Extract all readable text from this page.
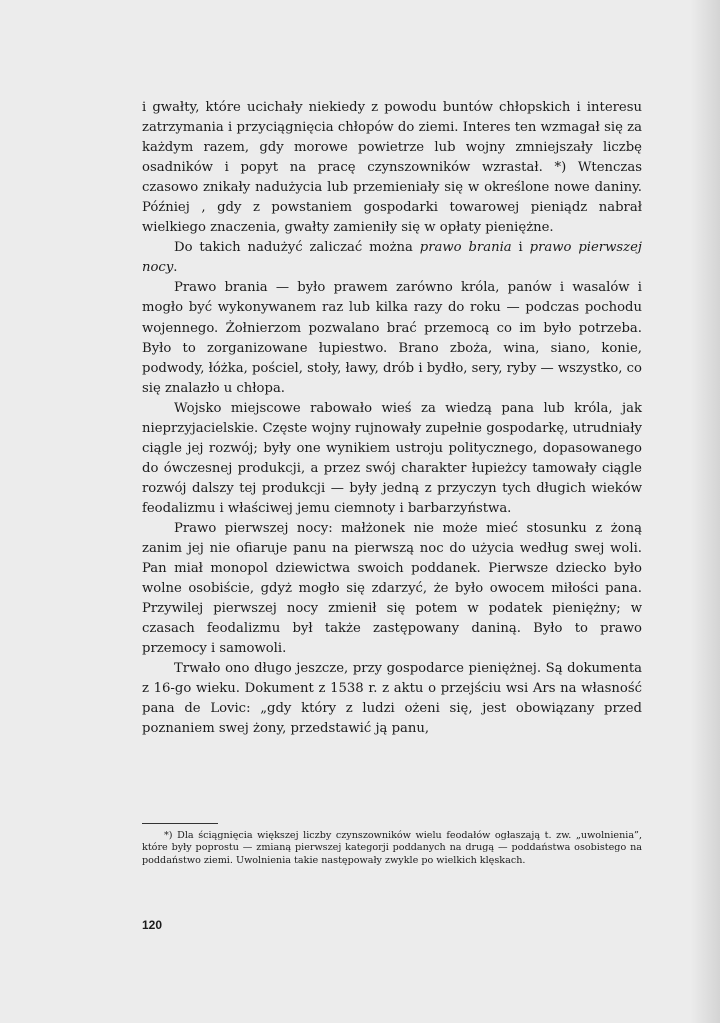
i gwałty, które ucichały niekiedy z powodu buntów chłopskich i interesu zatrzymania i przyciągnięcia chłopów do ziemi. Interes ten wzmagał się za każdym razem, gdy morowe powietrze lub wojny zmniejszały liczbę osadników i popyt na pracę czynszowników wzrastał. *) Wtenczas czasowo znikały nadużycia lub przemieniały się w określone nowe daniny. Później , gdy z powstaniem gospodarki towarowej pieniądz nabrał wielkiego znaczenia, gwałty zamieniły się w opłaty pieniężne.

Do takich nadużyć zaliczać można prawo brania i prawo pierwszej nocy.

Prawo brania — było prawem zarówno króla, panów i wasalów i mogło być wykonywanem raz lub kilka razy do roku — podczas pochodu wojennego. Żołnierzom pozwalano brać przemocą co im było potrzeba. Było to zorganizowane łupiestwo. Brano zboża, wina, siano, konie, podwody, łóżka, pościel, stoły, ławy, drób i bydło, sery, ryby — wszystko, co się znalazło u chłopa.

Wojsko miejscowe rabowało wieś za wiedzą pana lub króla, jak nieprzyjacielskie. Częste wojny rujnowały zupełnie gospodarkę, utrudniały ciągle jej rozwój; były one wynikiem ustroju politycznego, dopasowanego do ówczesnej produkcji, a przez swój charakter łupieżcy tamowały ciągle rozwój dalszy tej produkcji — były jedną z przyczyn tych długich wieków feodalizmu i właściwej jemu ciemnoty i barbarzyństwa.

Prawo pierwszej nocy: małżonek nie może mieć stosunku z żoną zanim jej nie ofiaruje panu na pierwszą noc do użycia według swej woli. Pan miał monopol dziewictwa swoich poddanek. Pierwsze dziecko było wolne osobiście, gdyż mogło się zdarzyć, że było owocem miłości pana. Przywilej pierwszej nocy zmienił się potem w podatek pieniężny; w czasach feodalizmu był także zastępowany daniną. Było to prawo przemocy i samowoli.

Trwało ono długo jeszcze, przy gospodarce pieniężnej. Są dokumenta z 16-go wieku. Dokument z 1538 r. z aktu o przejściu wsi Ars na własność pana de Lovic: „gdy który z ludzi ożeni się, jest obowiązany przed poznaniem swej żony, przedstawić ją panu,

*) Dla ściągnięcia większej liczby czynszowników wielu feodałów ogłaszają t. zw. „uwolnienia”, które były poprostu — zmianą pierwszej kategorji poddanych na drugą — poddaństwa osobistego na poddaństwo ziemi. Uwolnienia takie następowały zwykle po wielkich klęskach.

120
